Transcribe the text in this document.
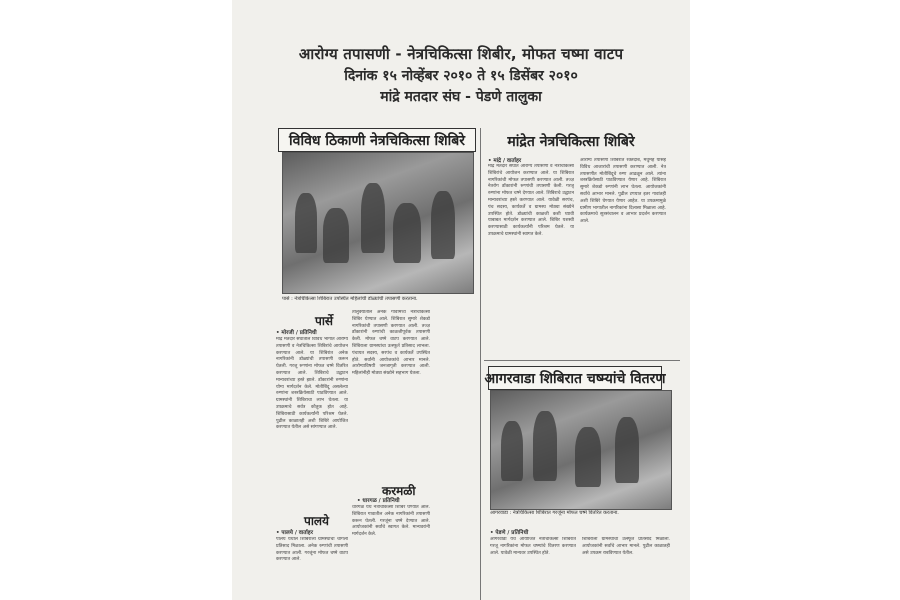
आरोग्य तपासणी - नेत्रचिकित्सा शिबीर, मोफत चष्मा वाटप
दिनांक १५ नोव्हेंबर २०१० ते १५ डिसेंबर २०१०
मांद्रे मतदार संघ - पेडणे तालुका
विविध ठिकाणी नेत्रचिकित्सा शिबिरे
पार्से : नेत्रचिकित्सा शिबिरात उपस्थित महिलांची डोळ्यांची तपासणी करताना.
पार्से
• मोरजी / प्रतिनिधी
मांद्रे मतदार संघातील विविध भागात आरोग्य तपासणी व नेत्रचिकित्सा शिबिरांचे आयोजन करण्यात आले. या शिबिरांत अनेक नागरिकांनी डोळ्यांची तपासणी करून घेतली. गरजू रुग्णांना मोफत चष्मे वितरित करण्यात आले. शिबिराचे उद्घाटन मान्यवरांच्या हस्ते झाले. डॉक्टरांनी रुग्णांना योग्य मार्गदर्शन केले. मोतीबिंदू असलेल्या रुग्णांना शस्त्रक्रियेसाठी पाठविण्यात आले. ग्रामस्थांनी शिबिराचा लाभ घेतला. या उपक्रमाचे सर्वत्र कौतुक होत आहे. शिबिरासाठी कार्यकर्त्यांनी परिश्रम घेतले. पुढील काळातही अशी शिबिरे आयोजित करण्यात येतील असे सांगण्यात आले.
तालुक्यातील अनेक गावांमध्ये नेत्रचिकित्सा शिबिर घेण्यात आले. शिबिरात सुमारे शेकडो नागरिकांची तपासणी करण्यात आली. तज्ज्ञ डॉक्टरांनी रुग्णांची काळजीपूर्वक तपासणी केली. मोफत चष्मे वाटप करण्यात आले. शिबिराला ग्रामस्थांचा उत्स्फूर्त प्रतिसाद लाभला. पंचायत सदस्य, सरपंच व कार्यकर्ते उपस्थित होते. सर्वांनी आयोजकांचे आभार मानले. आरोग्याविषयी जनजागृती करण्यात आली. महिलांनीही मोठ्या संख्येने सहभाग घेतला.
करमळी
• धारगळ / प्रतिनिधी
धारगळ येथे नेत्रचिकित्सा शिबिर घेण्यात आले. शिबिरात गावातील अनेक नागरिकांनी तपासणी करून घेतली. गरजूंना चष्मे देण्यात आले. आयोजकांनी सर्वांचे स्वागत केले. मान्यवरांनी मार्गदर्शन केले.
पालये
• पालये / वार्ताहर
पालये येथील शिबिराला ग्रामस्थांचा चांगला प्रतिसाद मिळाला. अनेक रुग्णांची तपासणी करण्यात आली. गरजूंना मोफत चष्मे वाटप करण्यात आले.
मांद्रेत नेत्रचिकित्सा शिबिरे
• मांद्रे / वार्ताहर
मांद्रे मतदार संघात आरोग्य तपासणी व नेत्रचिकित्सा शिबिरांचे आयोजन करण्यात आले. या शिबिरात नागरिकांची मोफत तपासणी करण्यात आली. तज्ज्ञ नेत्ररोग डॉक्टरांनी रुग्णांची तपासणी केली. गरजू रुग्णांना मोफत चष्मे देण्यात आले. शिबिराचे उद्घाटन मान्यवरांच्या हस्ते करण्यात आले. यावेळी सरपंच, पंच सदस्य, कार्यकर्ते व ग्रामस्थ मोठ्या संख्येने उपस्थित होते. डोळ्यांची काळजी कशी घ्यावी याबाबत मार्गदर्शन करण्यात आले. शिबिर यशस्वी करण्यासाठी कार्यकर्त्यांनी परिश्रम घेतले. या उपक्रमाचे ग्रामस्थांनी स्वागत केले.
आरोग्य तपासणी शिबिरात रक्तदाब, मधुमेह यांसह विविध आजारांची तपासणी करण्यात आली. नेत्र तपासणीत मोतीबिंदूचे रुग्ण आढळून आले. त्यांना शस्त्रक्रियेसाठी पाठविण्यात येणार आहे. शिबिरात सुमारे शेकडो रुग्णांनी लाभ घेतला. आयोजकांनी सर्वांचे आभार मानले. पुढील टप्प्यात इतर गावांतही अशी शिबिरे घेण्यात येणार आहेत. या उपक्रमामुळे ग्रामीण भागातील नागरिकांना दिलासा मिळाला आहे. कार्यक्रमाचे सूत्रसंचालन व आभार प्रदर्शन करण्यात आले.
आगरवाडा शिबिरात चष्म्यांचे वितरण
आगरवाडा : नेत्रचिकित्सा शिबिरात गरजूंना मोफत चष्मे वितरित करताना.
• पेडणे / प्रतिनिधी
आगरवाडा येथे आयोजित नेत्रचिकित्सा शिबिरात गरजू नागरिकांना मोफत चष्म्यांचे वितरण करण्यात आले. यावेळी मान्यवर उपस्थित होते.
शिबिराला ग्रामस्थांचा उत्स्फूर्त प्रतिसाद मिळाला. आयोजकांनी सर्वांचे आभार मानले. पुढील काळातही असे उपक्रम राबविण्यात येतील.
